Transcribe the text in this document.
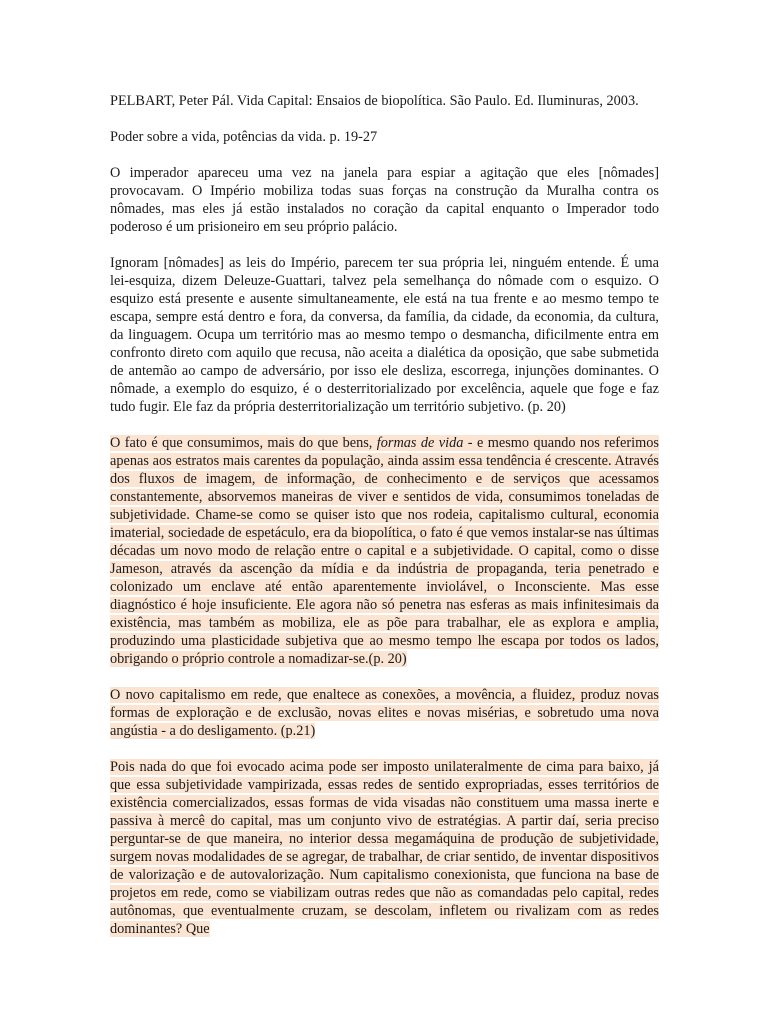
PELBART, Peter Pál. Vida Capital: Ensaios de biopolítica. São Paulo. Ed. Iluminuras, 2003.

Poder sobre a vida, potências da vida. p. 19-27

O imperador apareceu uma vez na janela para espiar a agitação que eles [nômades] provocavam. O Império mobiliza todas suas forças na construção da Muralha contra os nômades, mas eles já estão instalados no coração da capital enquanto o Imperador todo poderoso é um prisioneiro em seu próprio palácio.

Ignoram [nômades] as leis do Império, parecem ter sua própria lei, ninguém entende. É uma lei-esquiza, dizem Deleuze-Guattari, talvez pela semelhança do nômade com o esquizo. O esquizo está presente e ausente simultaneamente, ele está na tua frente e ao mesmo tempo te escapa, sempre está dentro e fora, da conversa, da família, da cidade, da economia, da cultura, da linguagem. Ocupa um território mas ao mesmo tempo o desmancha, dificilmente entra em confronto direto com aquilo que recusa, não aceita a dialética da oposição, que sabe submetida de antemão ao campo de adversário, por isso ele desliza, escorrega, injunções dominantes. O nômade, a exemplo do esquizo, é o desterritorializado por excelência, aquele que foge e faz tudo fugir. Ele faz da própria desterritorialização um território subjetivo. (p. 20)

O fato é que consumimos, mais do que bens, formas de vida - e mesmo quando nos referimos apenas aos estratos mais carentes da população, ainda assim essa tendência é crescente. Através dos fluxos de imagem, de informação, de conhecimento e de serviços que acessamos constantemente, absorvemos maneiras de viver e sentidos de vida, consumimos toneladas de subjetividade. Chame-se como se quiser isto que nos rodeia, capitalismo cultural, economia imaterial, sociedade de espetáculo, era da biopolítica, o fato é que vemos instalar-se nas últimas décadas um novo modo de relação entre o capital e a subjetividade. O capital, como o disse Jameson, através da ascenção da mídia e da indústria de propaganda, teria penetrado e colonizado um enclave até então aparentemente inviolável, o Inconsciente. Mas esse diagnóstico é hoje insuficiente. Ele agora não só penetra nas esferas as mais infinitesimais da existência, mas também as mobiliza, ele as põe para trabalhar, ele as explora e amplia, produzindo uma plasticidade subjetiva que ao mesmo tempo lhe escapa por todos os lados, obrigando o próprio controle a nomadizar-se.(p. 20)

O novo capitalismo em rede, que enaltece as conexões, a movência, a fluidez, produz novas formas de exploração e de exclusão, novas elites e novas misérias, e sobretudo uma nova angústia - a do desligamento. (p.21)

Pois nada do que foi evocado acima pode ser imposto unilateralmente de cima para baixo, já que essa subjetividade vampirizada, essas redes de sentido expropriadas, esses territórios de existência comercializados, essas formas de vida visadas não constituem uma massa inerte e passiva à mercê do capital, mas um conjunto vivo de estratégias. A partir daí, seria preciso perguntar-se de que maneira, no interior dessa megamáquina de produção de subjetividade, surgem novas modalidades de se agregar, de trabalhar, de criar sentido, de inventar dispositivos de valorização e de autovalorização. Num capitalismo conexionista, que funciona na base de projetos em rede, como se viabilizam outras redes que não as comandadas pelo capital, redes autônomas, que eventualmente cruzam, se descolam, infletem ou rivalizam com as redes dominantes? Que
